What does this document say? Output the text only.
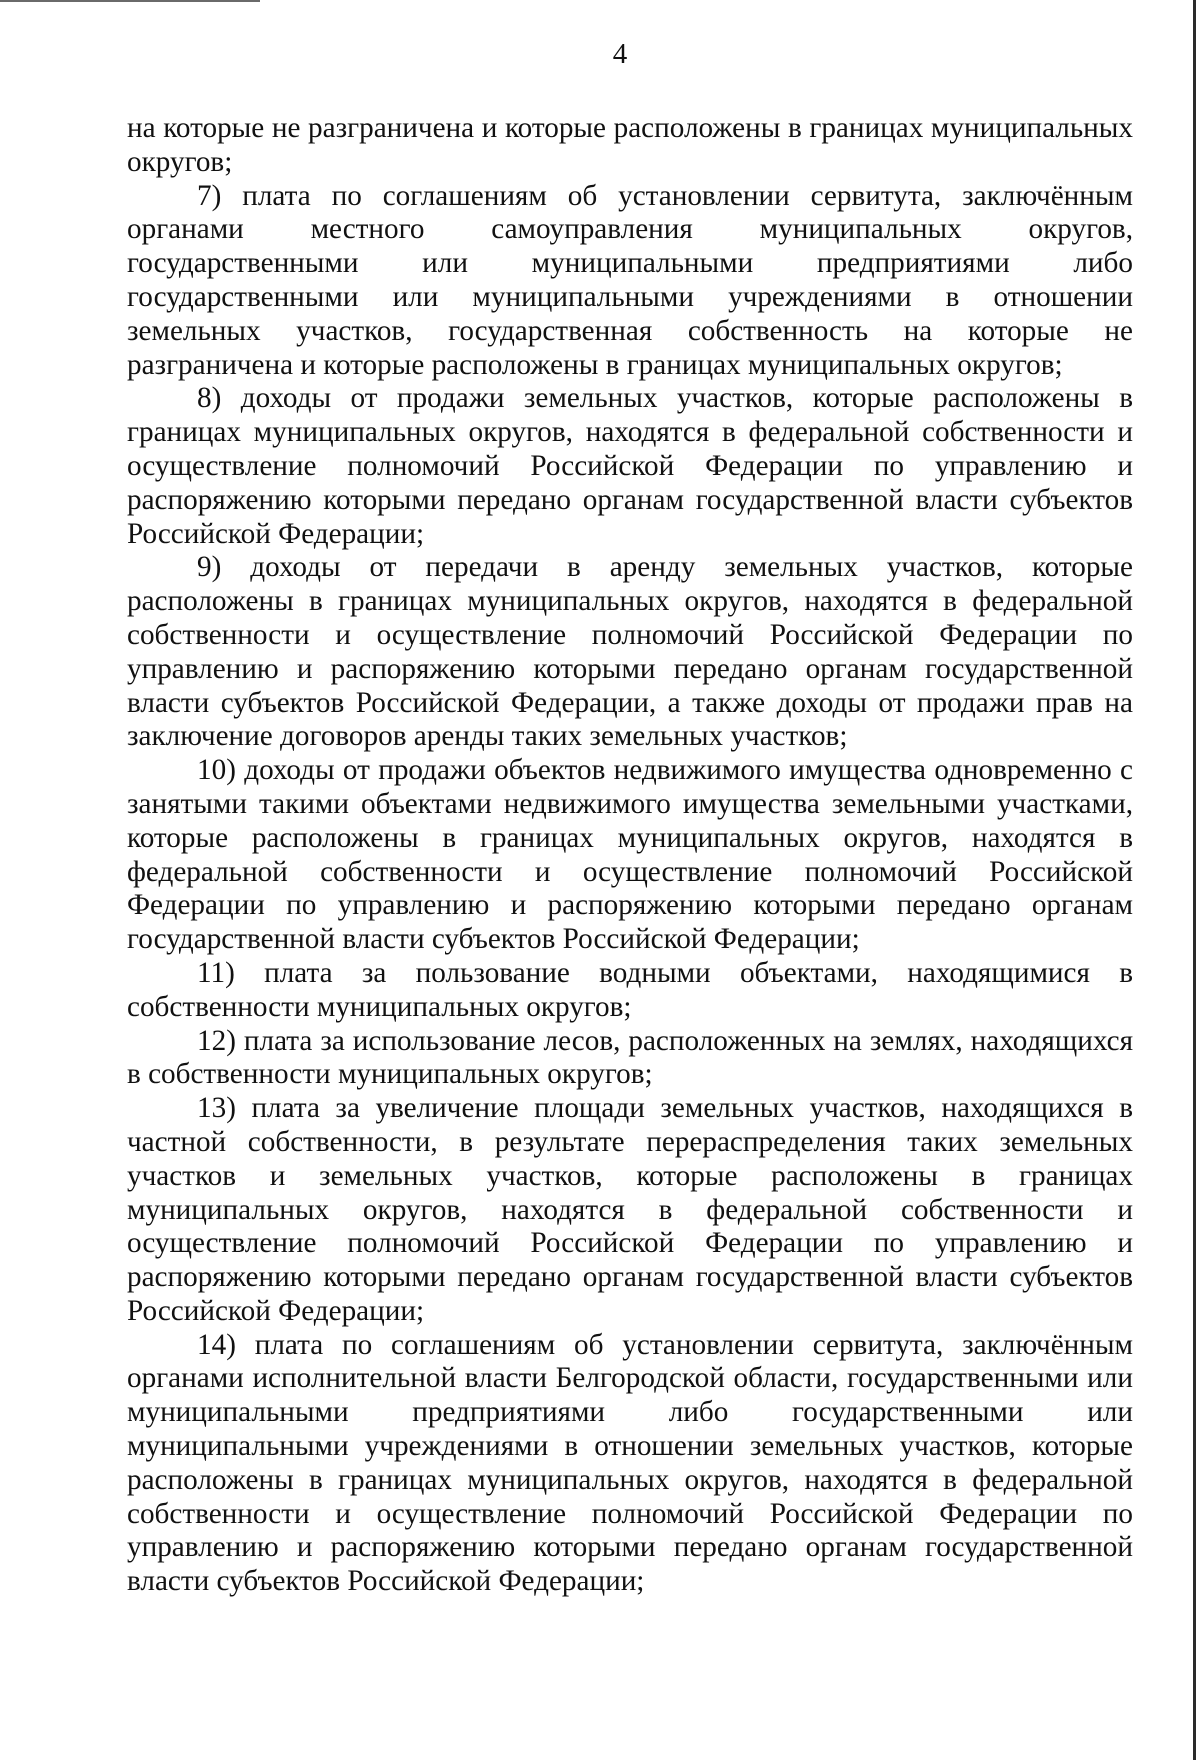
4

на которые не разграничена и которые расположены в границах муниципальных округов;

7) плата по соглашениям об установлении сервитута, заключённым органами местного самоуправления муниципальных округов, государственными или муниципальными предприятиями либо государственными или муниципальными учреждениями в отношении земельных участков, государственная собственность на которые не разграничена и которые расположены в границах муниципальных округов;

8) доходы от продажи земельных участков, которые расположены в границах муниципальных округов, находятся в федеральной собственности и осуществление полномочий Российской Федерации по управлению и распоряжению которыми передано органам государственной власти субъектов Российской Федерации;

9) доходы от передачи в аренду земельных участков, которые расположены в границах муниципальных округов, находятся в федеральной собственности и осуществление полномочий Российской Федерации по управлению и распоряжению которыми передано органам государственной власти субъектов Российской Федерации, а также доходы от продажи прав на заключение договоров аренды таких земельных участков;

10) доходы от продажи объектов недвижимого имущества одновременно с занятыми такими объектами недвижимого имущества земельными участками, которые расположены в границах муниципальных округов, находятся в федеральной собственности и осуществление полномочий Российской Федерации по управлению и распоряжению которыми передано органам государственной власти субъектов Российской Федерации;

11) плата за пользование водными объектами, находящимися в собственности муниципальных округов;

12) плата за использование лесов, расположенных на землях, находящихся в собственности муниципальных округов;

13) плата за увеличение площади земельных участков, находящихся в частной собственности, в результате перераспределения таких земельных участков и земельных участков, которые расположены в границах муниципальных округов, находятся в федеральной собственности и осуществление полномочий Российской Федерации по управлению и распоряжению которыми передано органам государственной власти субъектов Российской Федерации;

14) плата по соглашениям об установлении сервитута, заключённым органами исполнительной власти Белгородской области, государственными или муниципальными предприятиями либо государственными или муниципальными учреждениями в отношении земельных участков, которые расположены в границах муниципальных округов, находятся в федеральной собственности и осуществление полномочий Российской Федерации по управлению и распоряжению которыми передано органам государственной власти субъектов Российской Федерации;
